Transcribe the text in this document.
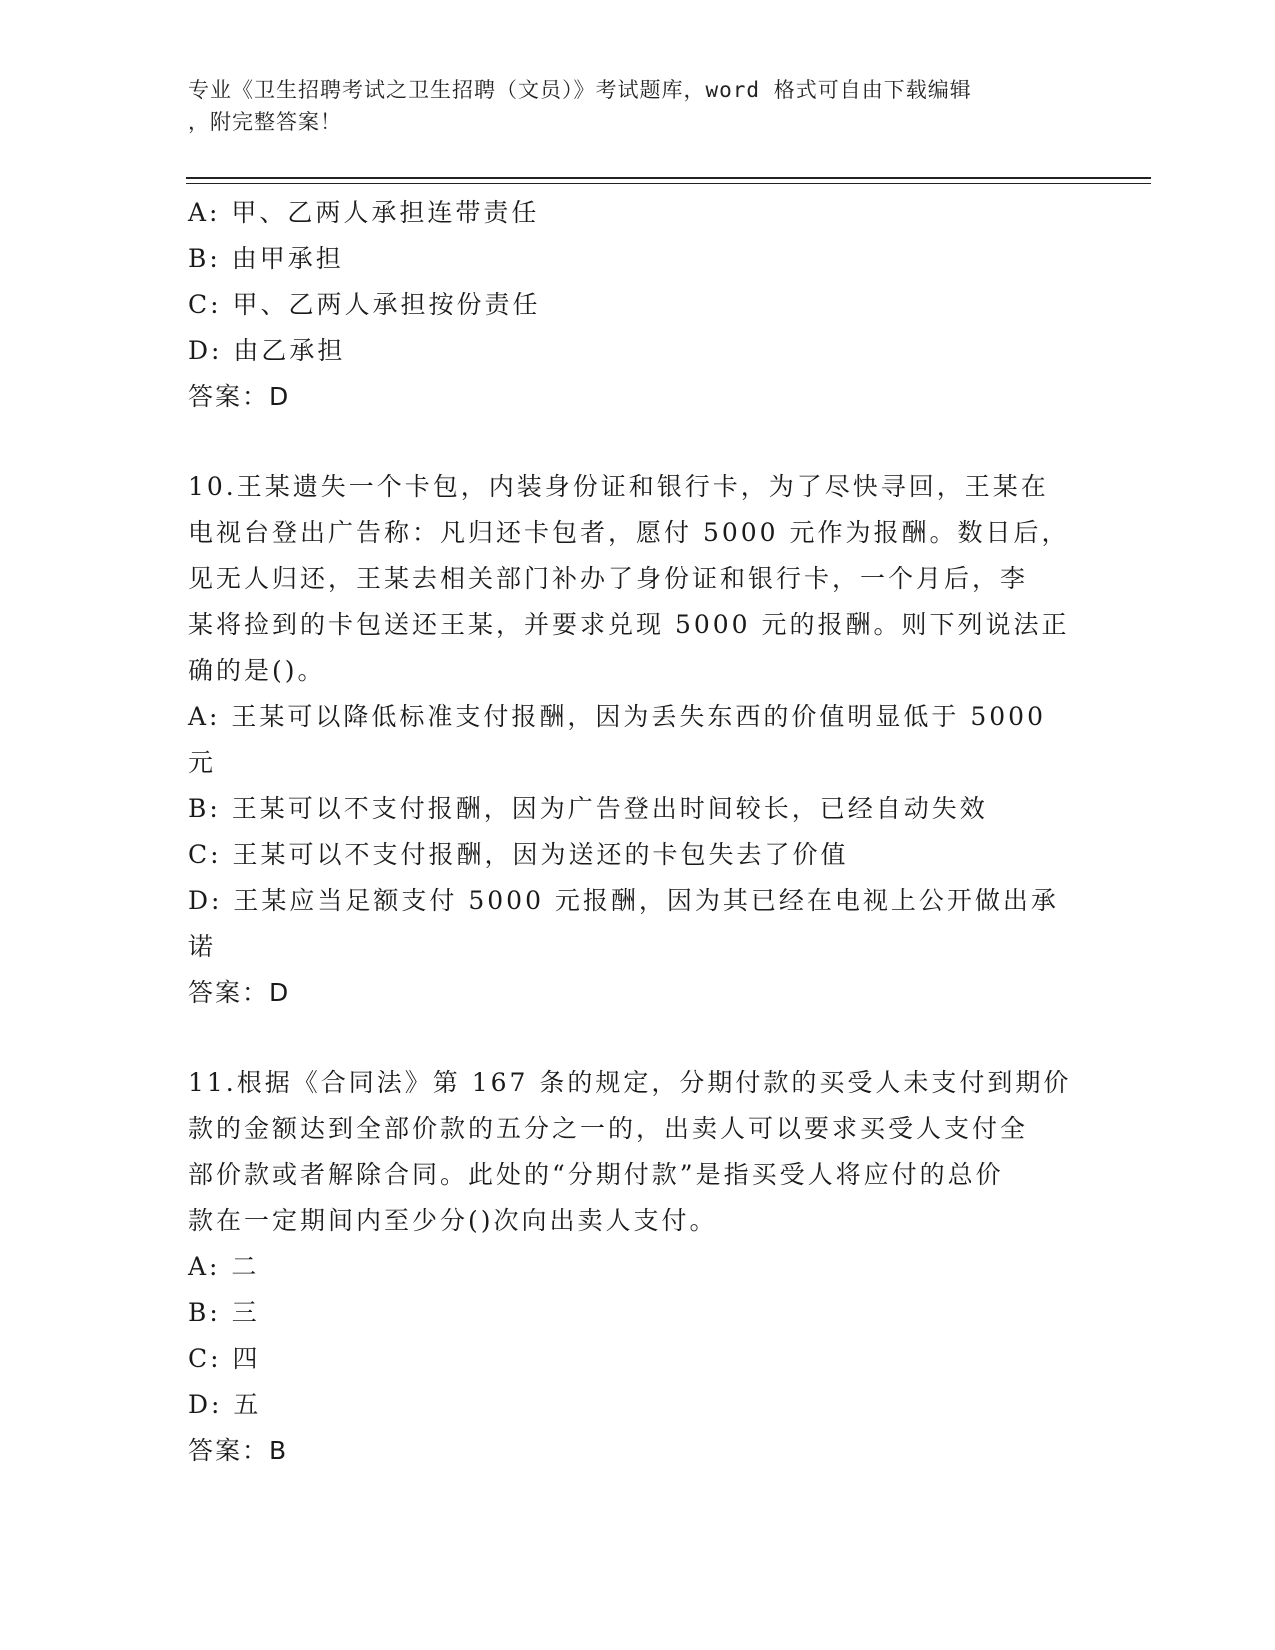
专业《卫生招聘考试之卫生招聘（文员）》考试题库，word 格式可自由下载编辑
，附完整答案！
A: 甲、乙两人承担连带责任
B: 由甲承担
C: 甲、乙两人承担按份责任
D: 由乙承担
答案：D
10.王某遗失一个卡包，内装身份证和银行卡，为了尽快寻回，王某在
电视台登出广告称：凡归还卡包者，愿付 5000 元作为报酬。数日后，
见无人归还，王某去相关部门补办了身份证和银行卡，一个月后，李
某将捡到的卡包送还王某，并要求兑现 5000 元的报酬。则下列说法正
确的是()。
A: 王某可以降低标准支付报酬，因为丢失东西的价值明显低于 5000
元
B: 王某可以不支付报酬，因为广告登出时间较长，已经自动失效
C: 王某可以不支付报酬，因为送还的卡包失去了价值
D: 王某应当足额支付 5000 元报酬，因为其已经在电视上公开做出承
诺
答案：D
11.根据《合同法》第 167 条的规定，分期付款的买受人未支付到期价
款的金额达到全部价款的五分之一的，出卖人可以要求买受人支付全
部价款或者解除合同。此处的“分期付款”是指买受人将应付的总价
款在一定期间内至少分()次向出卖人支付。
A: 二
B: 三
C: 四
D: 五
答案：B
